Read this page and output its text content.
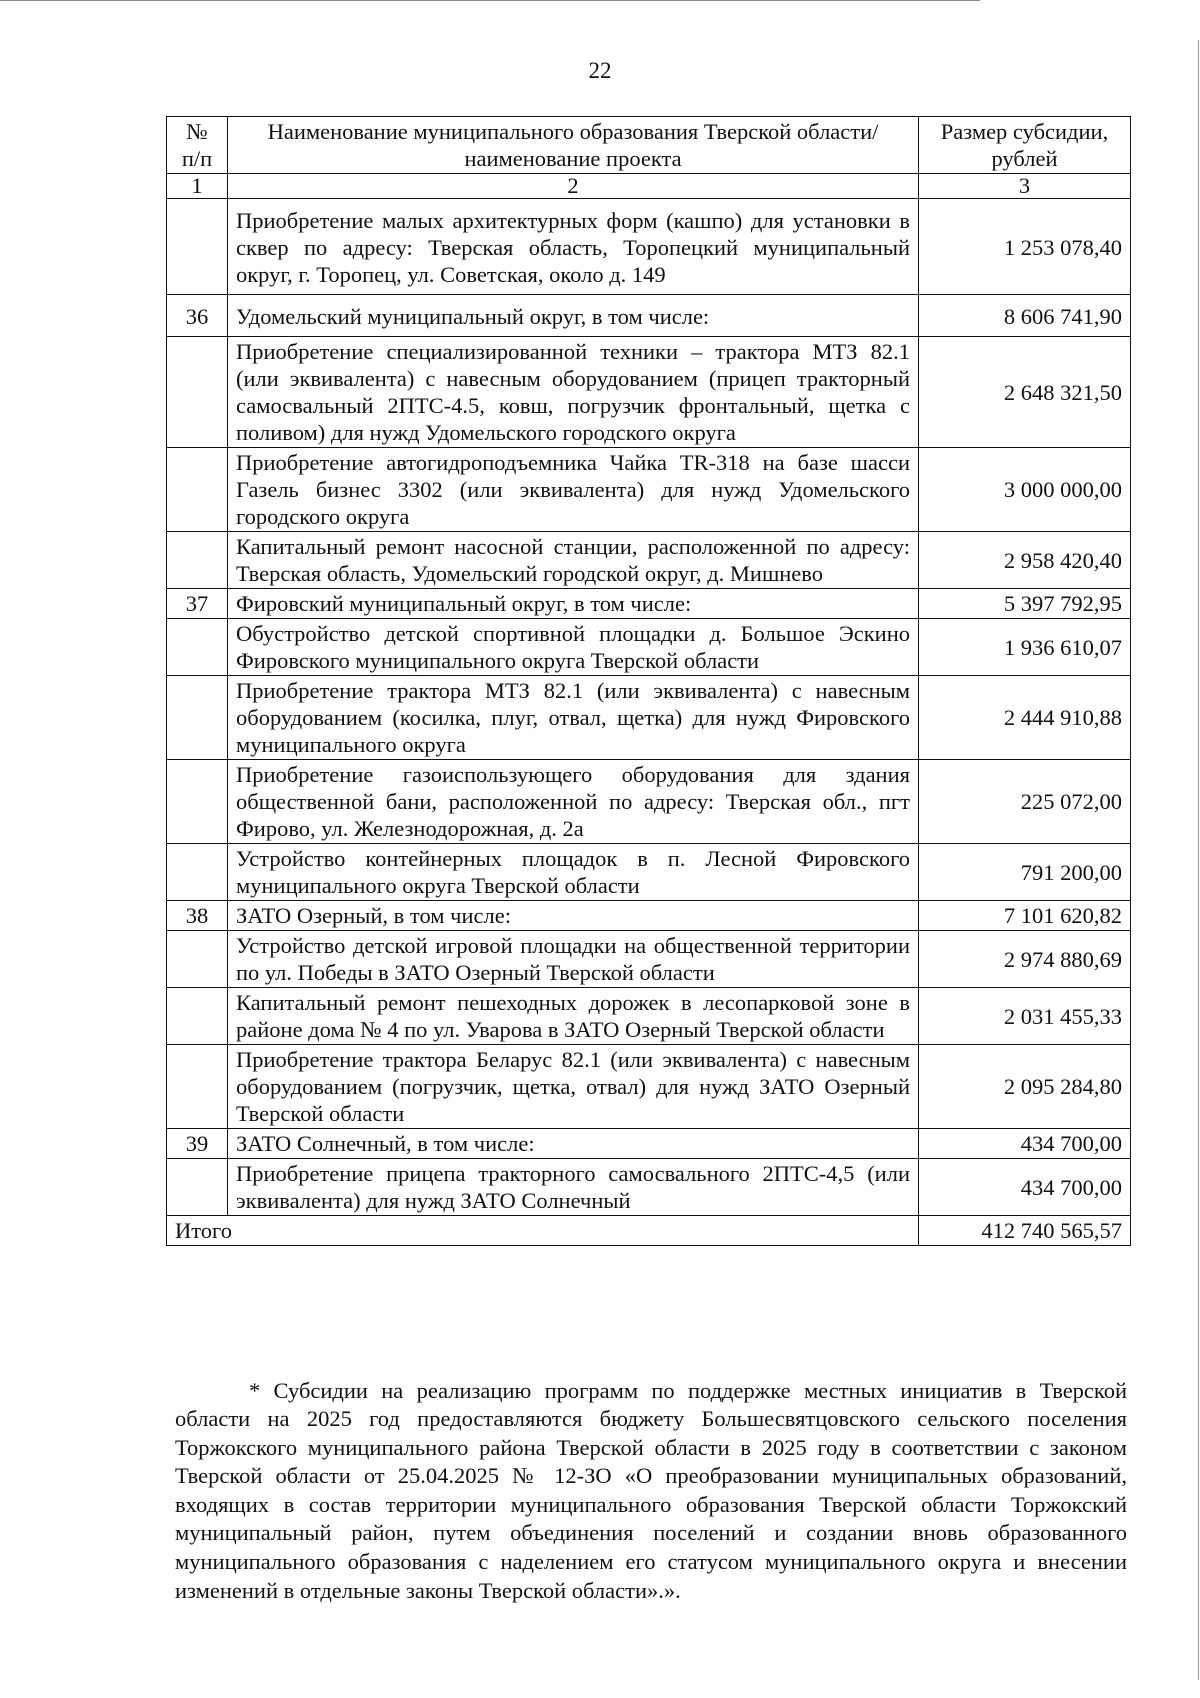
22
№ п/п	Наименование муниципального образования Тверской области/наименование проекта	Размер субсидии, рублей
1	2	3
	Приобретение малых архитектурных форм (кашпо) для установки в сквер по адресу: Тверская область, Торопецкий муниципальный округ, г. Торопец, ул. Советская, около д. 149	1 253 078,40
36	Удомельский муниципальный округ, в том числе:	8 606 741,90
	Приобретение специализированной техники – трактора МТЗ 82.1 (или эквивалента) с навесным оборудованием (прицеп тракторный самосвальный 2ПТС-4.5, ковш, погрузчик фронтальный, щетка с поливом) для нужд Удомельского городского округа	2 648 321,50
	Приобретение автогидроподъемника Чайка TR-318 на базе шасси Газель бизнес 3302 (или эквивалента) для нужд Удомельского городского округа	3 000 000,00
	Капитальный ремонт насосной станции, расположенной по адресу: Тверская область, Удомельский городской округ, д. Мишнево	2 958 420,40
37	Фировский муниципальный округ, в том числе:	5 397 792,95
	Обустройство детской спортивной площадки д. Большое Эскино Фировского муниципального округа Тверской области	1 936 610,07
	Приобретение трактора МТЗ 82.1 (или эквивалента) с навесным оборудованием (косилка, плуг, отвал, щетка) для нужд Фировского муниципального округа	2 444 910,88
	Приобретение газоиспользующего оборудования для здания общественной бани, расположенной по адресу: Тверская обл., пгт Фирово, ул. Железнодорожная, д. 2а	225 072,00
	Устройство контейнерных площадок в п. Лесной Фировского муниципального округа Тверской области	791 200,00
38	ЗАТО Озерный, в том числе:	7 101 620,82
	Устройство детской игровой площадки на общественной территории по ул. Победы в ЗАТО Озерный Тверской области	2 974 880,69
	Капитальный ремонт пешеходных дорожек в лесопарковой зоне в районе дома № 4 по ул. Уварова в ЗАТО Озерный Тверской области	2 031 455,33
	Приобретение трактора Беларус 82.1 (или эквивалента) с навесным оборудованием (погрузчик, щетка, отвал) для нужд ЗАТО Озерный Тверской области	2 095 284,80
39	ЗАТО Солнечный, в том числе:	434 700,00
	Приобретение прицепа тракторного самосвального 2ПТС-4,5 (или эквивалента) для нужд ЗАТО Солнечный	434 700,00
Итого		412 740 565,57

* Субсидии на реализацию программ по поддержке местных инициатив в Тверской области на 2025 год предоставляются бюджету Большесвятцовского сельского поселения Торжокского муниципального района Тверской области в 2025 году в соответствии с законом Тверской области от 25.04.2025 № 12-ЗО «О преобразовании муниципальных образований, входящих в состав территории муниципального образования Тверской области Торжокский муниципальный район, путем объединения поселений и создании вновь образованного муниципального образования с наделением его статусом муниципального округа и внесении изменений в отдельные законы Тверской области».».
